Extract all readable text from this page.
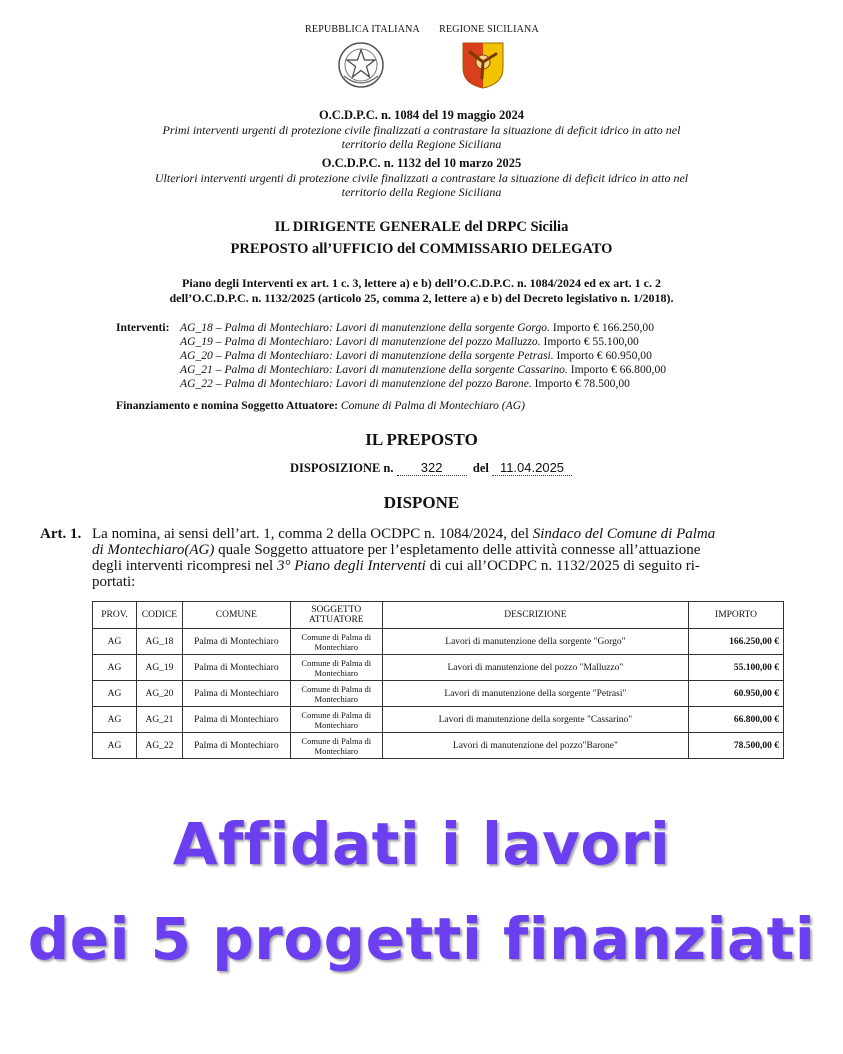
REPUBBLICA ITALIANA	REGIONE SICILIANA
O.C.D.P.C. n. 1084 del 19 maggio 2024
Primi interventi urgenti di protezione civile finalizzati a contrastare la situazione di deficit idrico in atto nel
territorio della Regione Siciliana
O.C.D.P.C. n. 1132 del 10 marzo 2025
Ulteriori interventi urgenti di protezione civile finalizzati a contrastare la situazione di deficit idrico in atto nel
territorio della Regione Siciliana
IL DIRIGENTE GENERALE del DRPC Sicilia
PREPOSTO all’UFFICIO del COMMISSARIO DELEGATO
Piano degli Interventi ex art. 1 c. 3, lettere a) e b) dell’O.C.D.P.C. n. 1084/2024 ed ex art. 1 c. 2
dell’O.C.D.P.C. n. 1132/2025 (articolo 25, comma 2, lettere a) e b) del Decreto legislativo n. 1/2018).
Interventi: AG_18 – Palma di Montechiaro: Lavori di manutenzione della sorgente Gorgo. Importo € 166.250,00
AG_19 – Palma di Montechiaro: Lavori di manutenzione del pozzo Malluzzo. Importo € 55.100,00
AG_20 – Palma di Montechiaro: Lavori di manutenzione della sorgente Petrasi. Importo € 60.950,00
AG_21 – Palma di Montechiaro: Lavori di manutenzione della sorgente Cassarino. Importo € 66.800,00
AG_22 – Palma di Montechiaro: Lavori di manutenzione del pozzo Barone. Importo € 78.500,00
Finanziamento e nomina Soggetto Attuatore: Comune di Palma di Montechiaro (AG)
IL PREPOSTO
DISPOSIZIONE n. 322 del 11.04.2025
DISPONE
Art. 1. La nomina, ai sensi dell’art. 1, comma 2 della OCDPC n. 1084/2024, del Sindaco del Comune di Palma
di Montechiaro(AG) quale Soggetto attuatore per l’espletamento delle attività connesse all’attuazione
degli interventi ricompresi nel 3° Piano degli Interventi di cui all’OCDPC n. 1132/2025 di seguito ri-
portati:
PROV.	CODICE	COMUNE	SOGGETTO ATTUATORE	DESCRIZIONE	IMPORTO
AG	AG_18	Palma di Montechiaro	Comune di Palma di Montechiaro	Lavori di manutenzione della sorgente "Gorgo"	166.250,00 €
AG	AG_19	Palma di Montechiaro	Comune di Palma di Montechiaro	Lavori di manutenzione del pozzo "Malluzzo"	55.100,00 €
AG	AG_20	Palma di Montechiaro	Comune di Palma di Montechiaro	Lavori di manutenzione della sorgente "Petrasi"	60.950,00 €
AG	AG_21	Palma di Montechiaro	Comune di Palma di Montechiaro	Lavori di manutenzione della sorgente "Cassarino"	66.800,00 €
AG	AG_22	Palma di Montechiaro	Comune di Palma di Montechiaro	Lavori di manutenzione del pozzo"Barone"	78.500,00 €
Affidati i lavori
dei 5 progetti finanziati
